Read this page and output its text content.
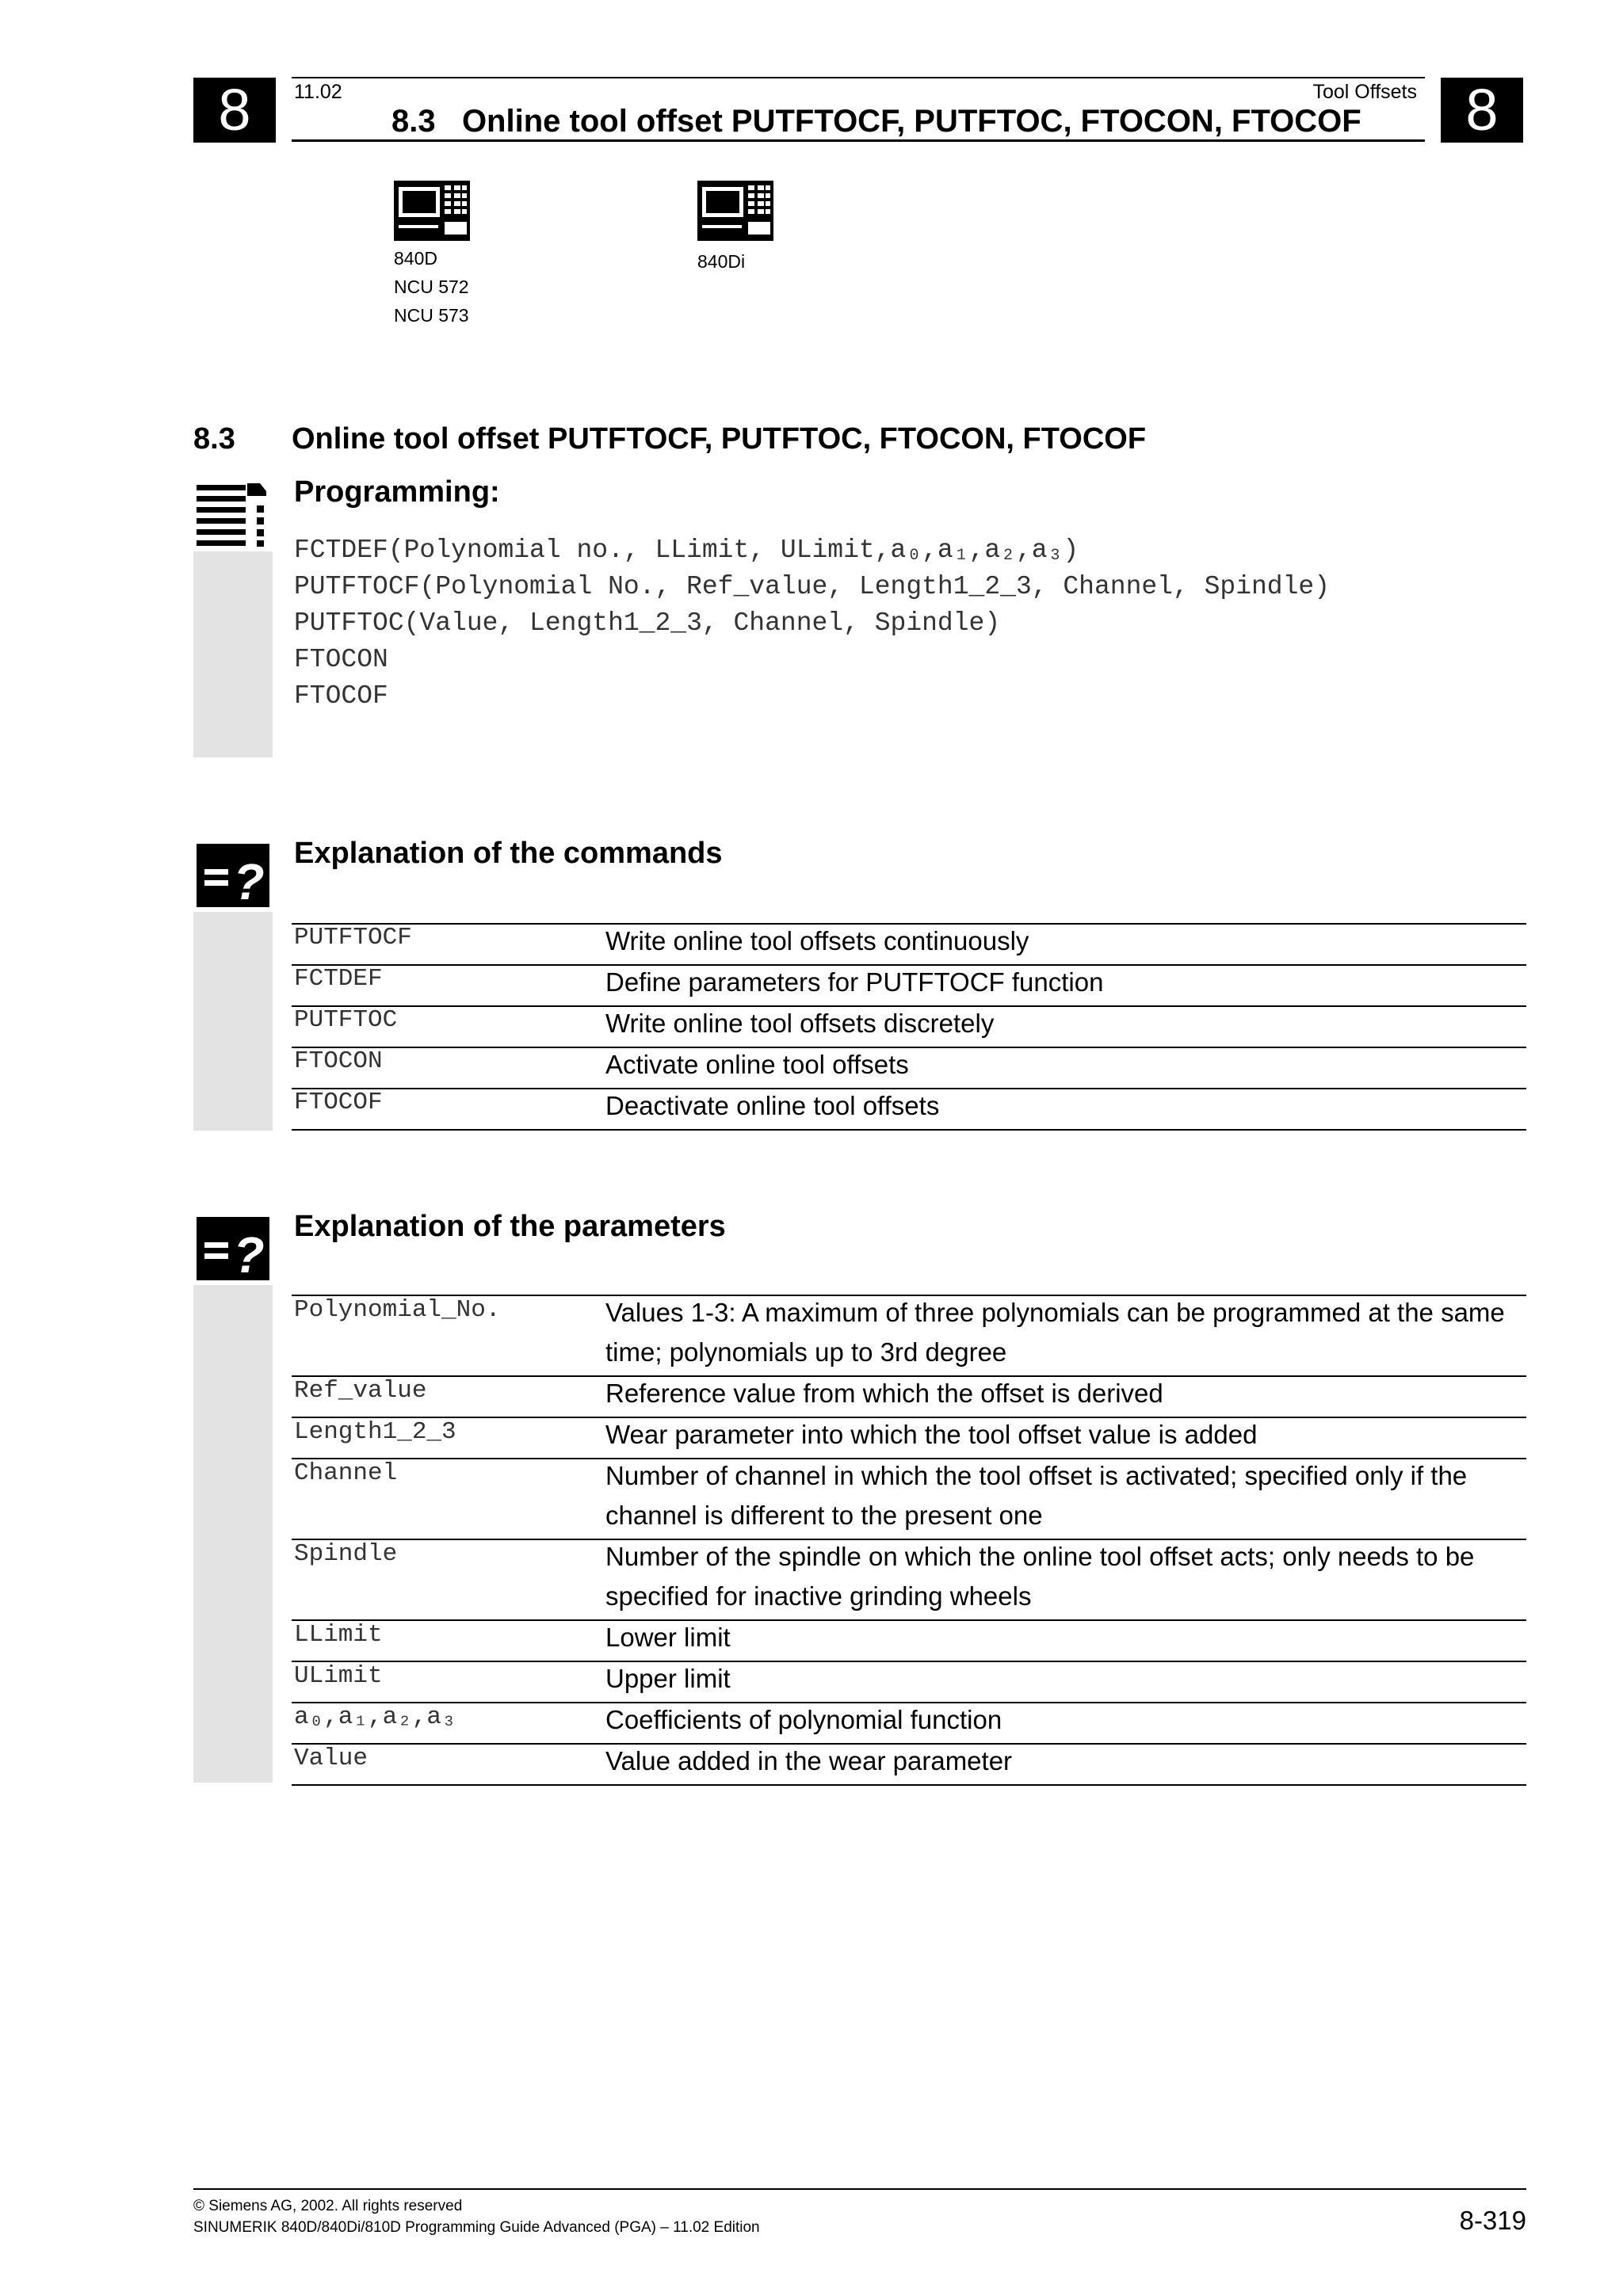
8	8
11.02	Tool Offsets
8.3   Online tool offset PUTFTOCF, PUTFTOC, FTOCON, FTOCOF
840D
NCU 572
NCU 573
840Di
8.3 Online tool offset PUTFTOCF, PUTFTOC, FTOCON, FTOCOF
Programming:
FCTDEF(Polynomial no., LLimit, ULimit,a₀,a₁,a₂,a₃)
PUTFTOCF(Polynomial No., Ref_value, Length1_2_3, Channel, Spindle)
PUTFTOC(Value, Length1_2_3, Channel, Spindle)
FTOCON
FTOCOF
? Explanation of the commands
PUTFTOCF	Write online tool offsets continuously
FCTDEF	Define parameters for PUTFTOCF function
PUTFTOC	Write online tool offsets discretely
FTOCON	Activate online tool offsets
FTOCOF	Deactivate online tool offsets
? Explanation of the parameters
Polynomial_No.	Values 1-3: A maximum of three polynomials can be programmed at the same time; polynomials up to 3rd degree
Ref_value	Reference value from which the offset is derived
Length1_2_3	Wear parameter into which the tool offset value is added
Channel	Number of channel in which the tool offset is activated; specified only if the channel is different to the present one
Spindle	Number of the spindle on which the online tool offset acts; only needs to be specified for inactive grinding wheels
LLimit	Lower limit
ULimit	Upper limit
a₀,a₁,a₂,a₃	Coefficients of polynomial function
Value	Value added in the wear parameter
© Siemens AG, 2002. All rights reserved
SINUMERIK 840D/840Di/810D Programming Guide Advanced (PGA) – 11.02 Edition	8-319
